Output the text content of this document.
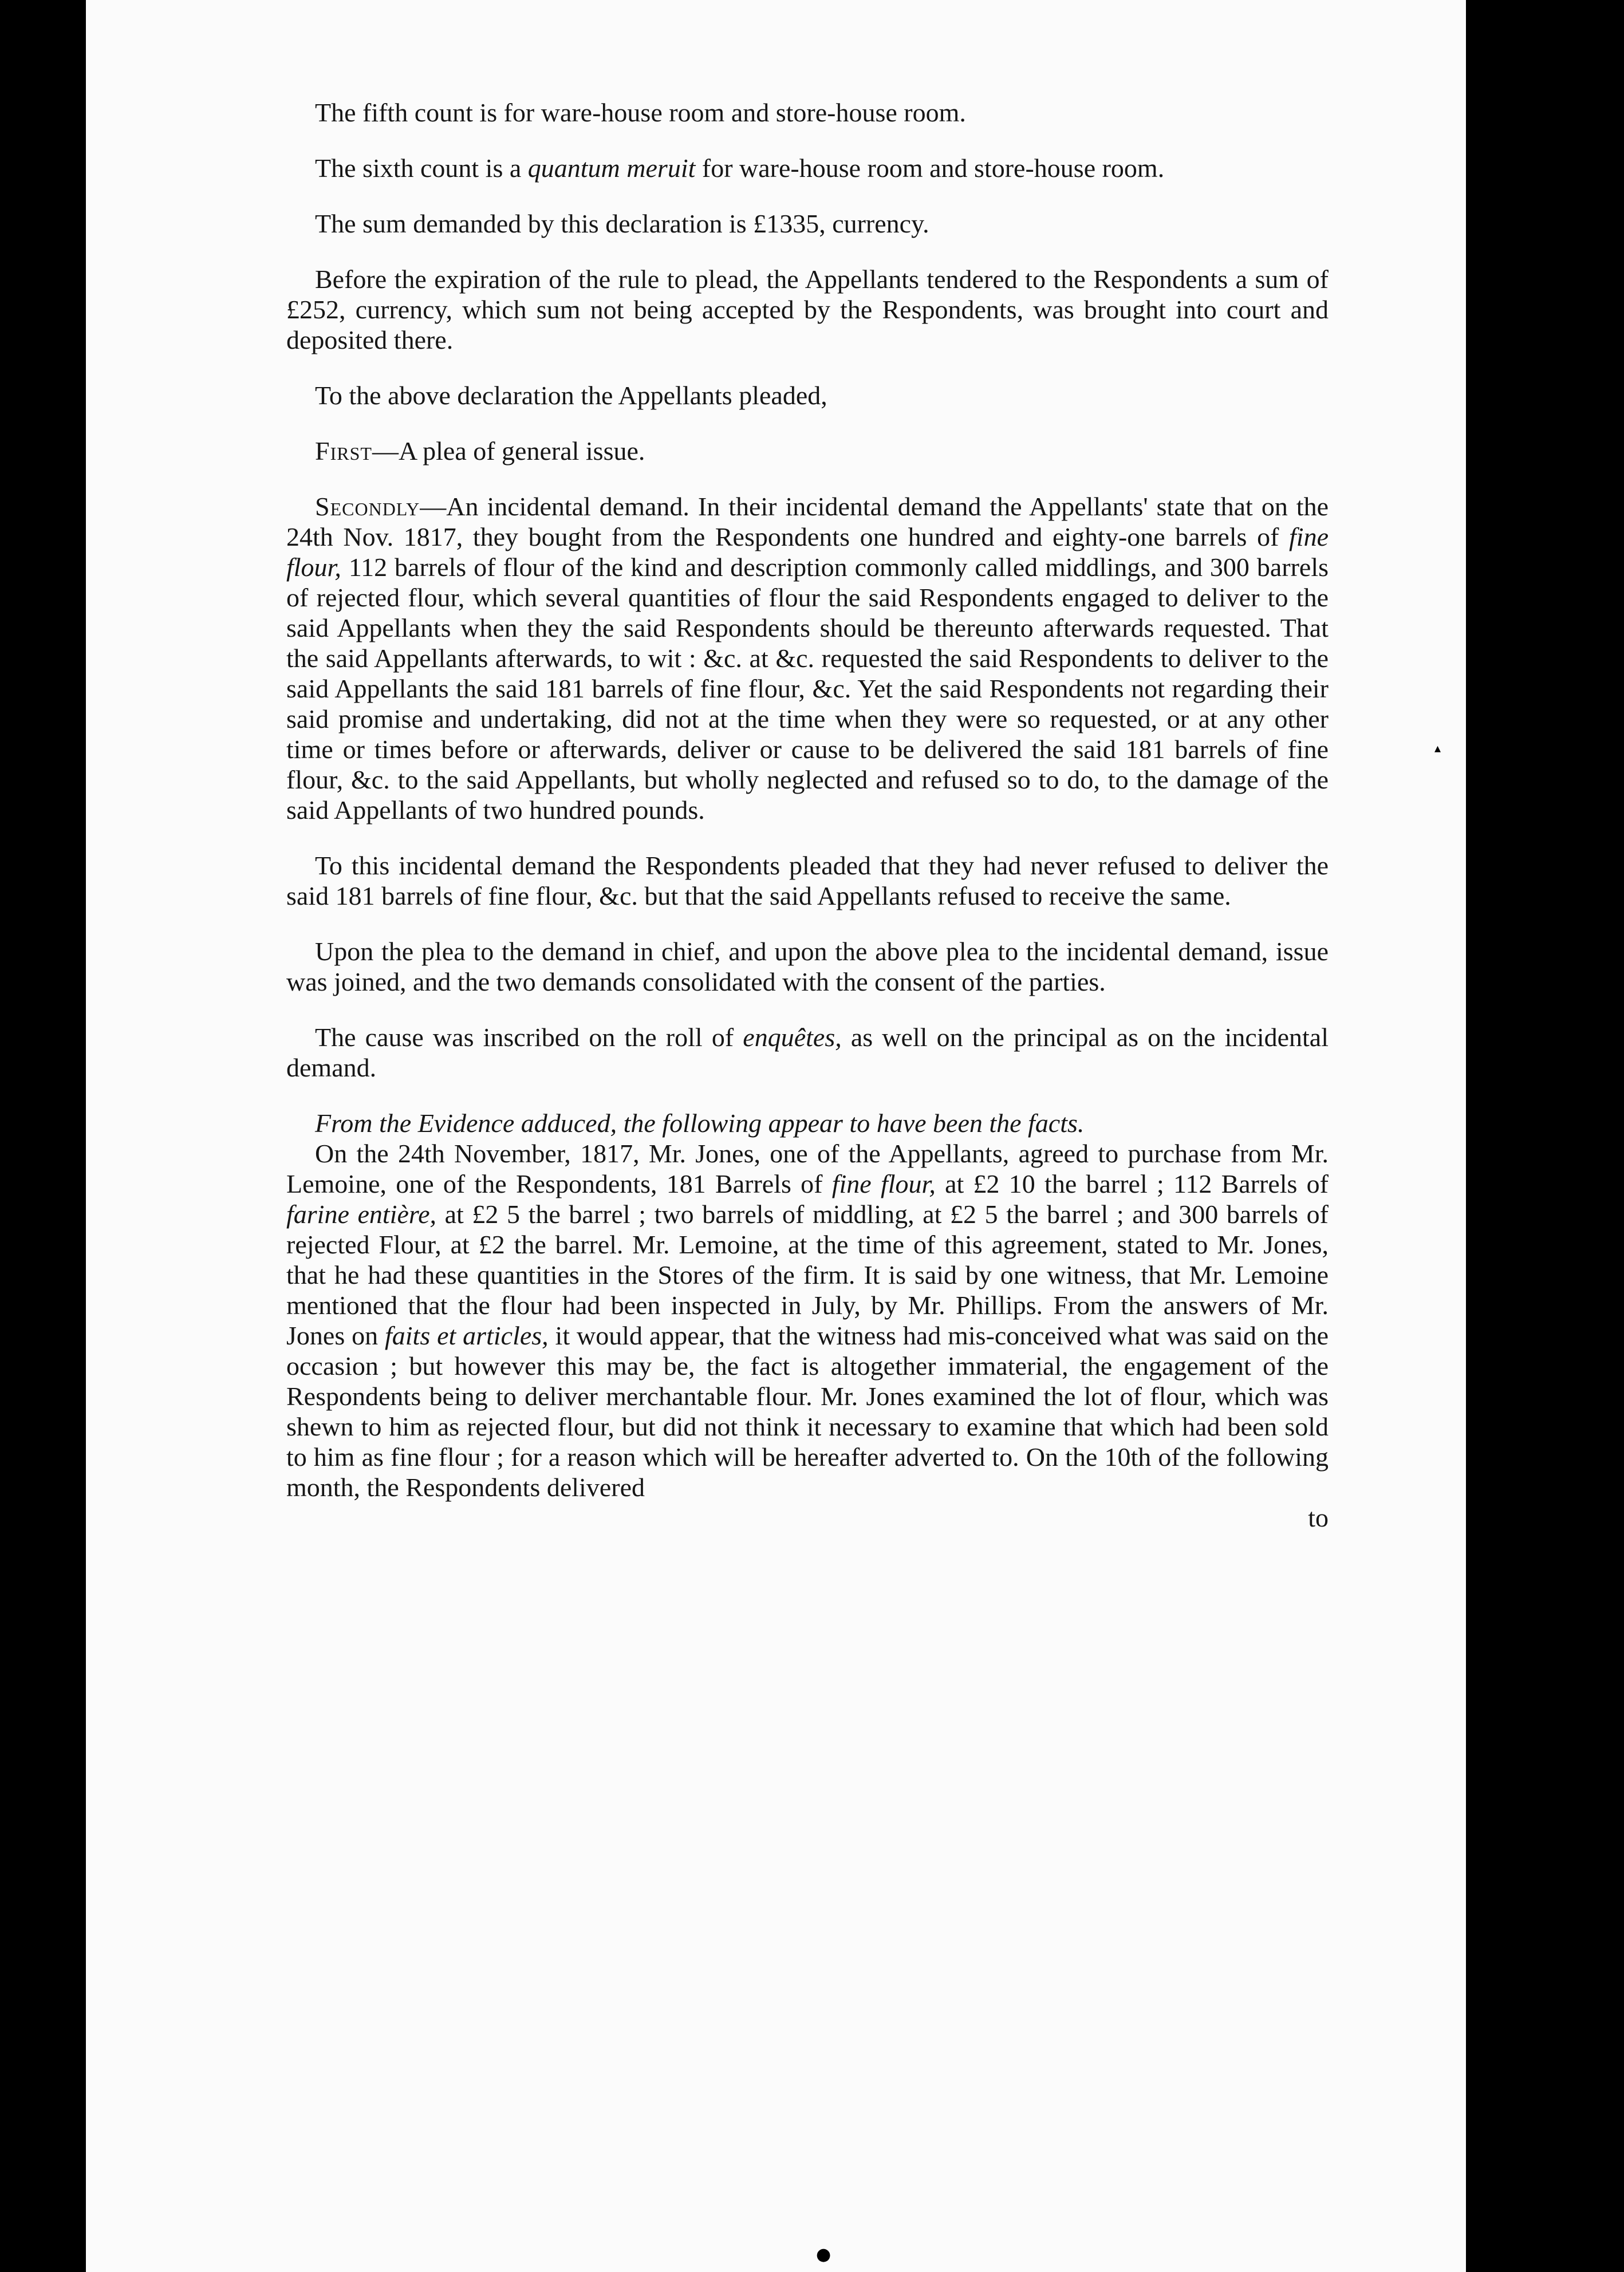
The fifth count is for ware-house room and store-house room.

The sixth count is a quantum meruit for ware-house room and store-house room.

The sum demanded by this declaration is £1335, currency.

Before the expiration of the rule to plead, the Appellants tendered to the Respondents a sum of £252, currency, which sum not being accepted by the Respondents, was brought into court and deposited there.

To the above declaration the Appellants pleaded,

First—A plea of general issue.

Secondly—An incidental demand. In their incidental demand the Appellants' state that on the 24th Nov. 1817, they bought from the Respondents one hundred and eighty-one barrels of fine flour, 112 barrels of flour of the kind and description commonly called middlings, and 300 barrels of rejected flour, which several quantities of flour the said Respondents engaged to deliver to the said Appellants when they the said Respondents should be thereunto afterwards requested. That the said Appellants afterwards, to wit : &c. at &c. requested the said Respondents to deliver to the said Appellants the said 181 barrels of fine flour, &c. Yet the said Respondents not regarding their said promise and undertaking, did not at the time when they were so requested, or at any other time or times before or afterwards, deliver or cause to be delivered the said 181 barrels of fine flour, &c. to the said Appellants, but wholly neglected and refused so to do, to the damage of the said Appellants of two hundred pounds.

To this incidental demand the Respondents pleaded that they had never refused to deliver the said 181 barrels of fine flour, &c. but that the said Appellants refused to receive the same.

Upon the plea to the demand in chief, and upon the above plea to the incidental demand, issue was joined, and the two demands consolidated with the consent of the parties.

The cause was inscribed on the roll of enquêtes, as well on the principal as on the incidental demand.

From the Evidence adduced, the following appear to have been the facts.

On the 24th November, 1817, Mr. Jones, one of the Appellants, agreed to purchase from Mr. Lemoine, one of the Respondents, 181 Barrels of fine flour, at £2 10 the barrel ; 112 Barrels of farine entière, at £2 5 the barrel ; two barrels of middling, at £2 5 the barrel ; and 300 barrels of rejected Flour, at £2 the barrel. Mr. Lemoine, at the time of this agreement, stated to Mr. Jones, that he had these quantities in the Stores of the firm. It is said by one witness, that Mr. Lemoine mentioned that the flour had been inspected in July, by Mr. Phillips. From the answers of Mr. Jones on faits et articles, it would appear, that the witness had mis-conceived what was said on the occasion ; but however this may be, the fact is altogether immaterial, the engagement of the Respondents being to deliver merchantable flour. Mr. Jones examined the lot of flour, which was shewn to him as rejected flour, but did not think it necessary to examine that which had been sold to him as fine flour ; for a reason which will be hereafter adverted to. On the 10th of the following month, the Respondents delivered

to

—
➜
➜
▴
▲
➜
➜
➜
—
●
